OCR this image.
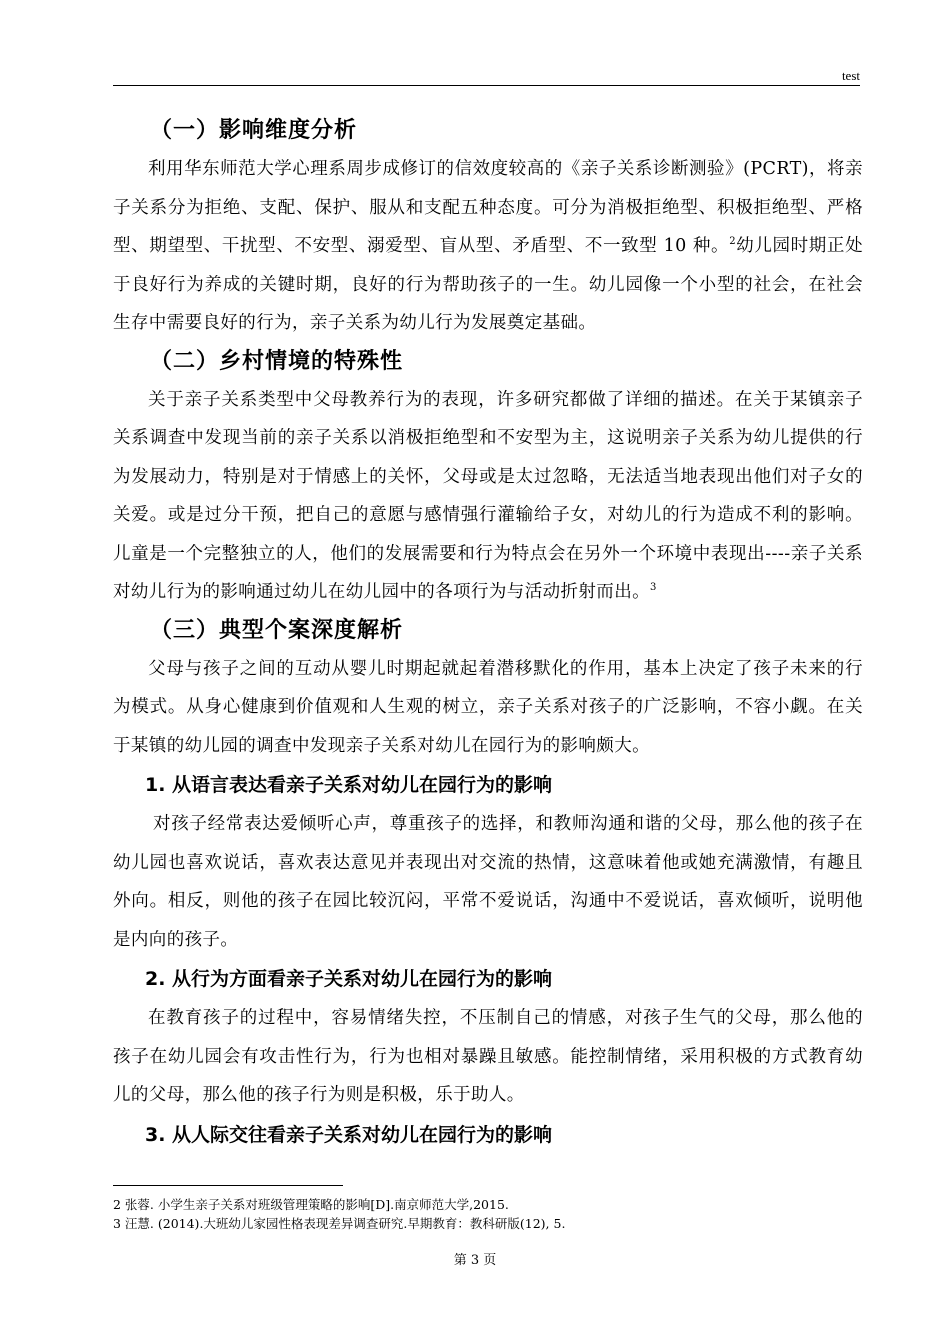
test
（一）影响维度分析

利用华东师范大学心理系周步成修订的信效度较高的《亲子关系诊断测验》(PCRT)，将亲子关系分为拒绝、支配、保护、服从和支配五种态度。可分为消极拒绝型、积极拒绝型、严格型、期望型、干扰型、不安型、溺爱型、盲从型、矛盾型、不一致型 10 种。$^2$幼儿园时期正处于良好行为养成的关键时期，良好的行为帮助孩子的一生。幼儿园像一个小型的社会，在社会生存中需要良好的行为，亲子关系为幼儿行为发展奠定基础。

（二）乡村情境的特殊性

关于亲子关系类型中父母教养行为的表现，许多研究都做了详细的描述。在关于某镇亲子关系调查中发现当前的亲子关系以消极拒绝型和不安型为主，这说明亲子关系为幼儿提供的行为发展动力，特别是对于情感上的关怀，父母或是太过忽略，无法适当地表现出他们对子女的关爱。或是过分干预，把自己的意愿与感情强行灌输给子女，对幼儿的行为造成不利的影响。儿童是一个完整独立的人，他们的发展需要和行为特点会在另外一个环境中表现出----亲子关系对幼儿行为的影响通过幼儿在幼儿园中的各项行为与活动折射而出。$^3$

（三）典型个案深度解析

父母与孩子之间的互动从婴儿时期起就起着潜移默化的作用，基本上决定了孩子未来的行为模式。从身心健康到价值观和人生观的树立，亲子关系对孩子的广泛影响，不容小觑。在关于某镇的幼儿园的调查中发现亲子关系对幼儿在园行为的影响颇大。

1. 从语言表达看亲子关系对幼儿在园行为的影响

对孩子经常表达爱倾听心声，尊重孩子的选择，和教师沟通和谐的父母，那么他的孩子在幼儿园也喜欢说话，喜欢表达意见并表现出对交流的热情，这意味着他或她充满激情，有趣且外向。相反，则他的孩子在园比较沉闷，平常不爱说话，沟通中不爱说话，喜欢倾听，说明他是内向的孩子。

2. 从行为方面看亲子关系对幼儿在园行为的影响

在教育孩子的过程中，容易情绪失控，不压制自己的情感，对孩子生气的父母，那么他的孩子在幼儿园会有攻击性行为，行为也相对暴躁且敏感。能控制情绪，采用积极的方式教育幼儿的父母，那么他的孩子行为则是积极，乐于助人。

3. 从人际交往看亲子关系对幼儿在园行为的影响
2 张蓉. 小学生亲子关系对班级管理策略的影响[D].南京师范大学,2015.
3 汪慧. (2014).大班幼儿家园性格表现差异调查研究.早期教育：教科研版(12), 5.
第 3 页
